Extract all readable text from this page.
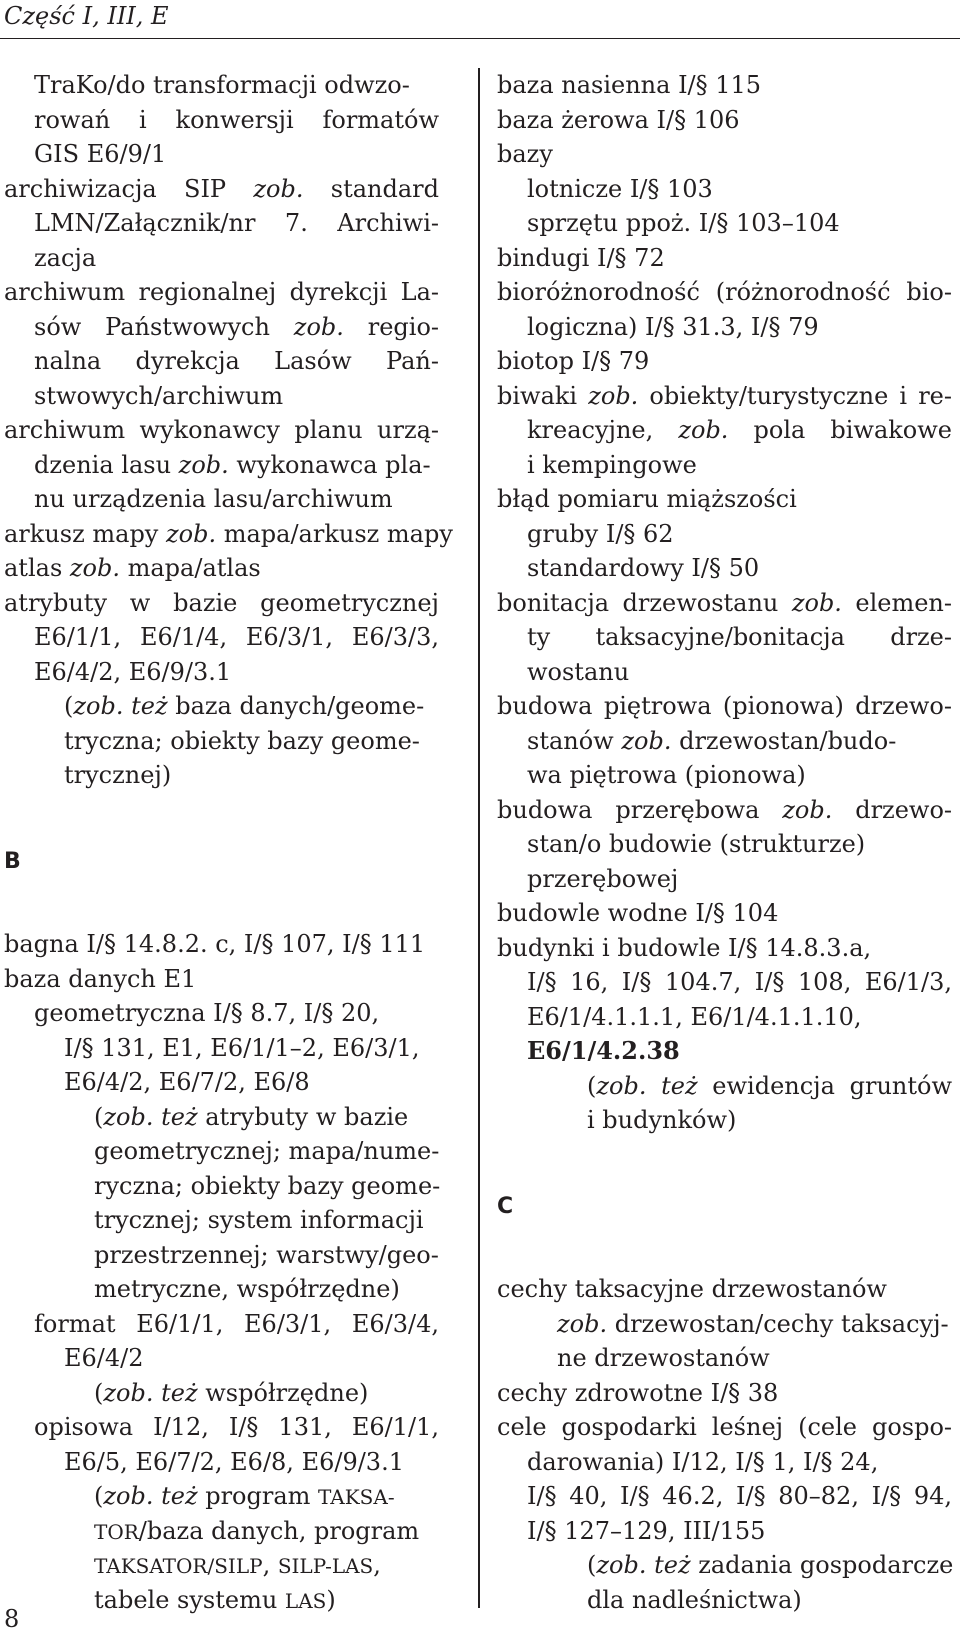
Część I, III, E
TraKo/do transformacji odwzo-
rowań i konwersji formatów
GIS E6/9/1
archiwizacja SIP zob. standard
LMN/Załącznik/nr 7. Archiwi-
zacja
archiwum regionalnej dyrekcji La-
sów Państwowych zob. regio-
nalna dyrekcja Lasów Pań-
stwowych/archiwum
archiwum wykonawcy planu urzą-
dzenia lasu zob. wykonawca pla-
nu urządzenia lasu/archiwum
arkusz mapy zob. mapa/arkusz mapy
atlas zob. mapa/atlas
atrybuty w bazie geometrycznej
E6/1/1, E6/1/4, E6/3/1, E6/3/3,
E6/4/2, E6/9/3.1
(zob. też baza danych/geome-
tryczna; obiekty bazy geome-
trycznej)
B
bagna I/§ 14.8.2. c, I/§ 107, I/§ 111
baza danych E1
geometryczna I/§ 8.7, I/§ 20,
I/§ 131, E1, E6/1/1–2, E6/3/1,
E6/4/2, E6/7/2, E6/8
(zob. też atrybuty w bazie
geometrycznej; mapa/nume-
ryczna; obiekty bazy geome-
trycznej; system informacji
przestrzennej; warstwy/geo-
metryczne, współrzędne)
format E6/1/1, E6/3/1, E6/3/4,
E6/4/2
(zob. też współrzędne)
opisowa I/12, I/§ 131, E6/1/1,
E6/5, E6/7/2, E6/8, E6/9/3.1
(zob. też program TAKSA-
TOR/baza danych, program
TAKSATOR/SILP, SILP-LAS,
tabele systemu LAS)
baza nasienna I/§ 115
baza żerowa I/§ 106
bazy
lotnicze I/§ 103
sprzętu ppoż. I/§ 103–104
bindugi I/§ 72
bioróżnorodność (różnorodność bio-
logiczna) I/§ 31.3, I/§ 79
biotop I/§ 79
biwaki zob. obiekty/turystyczne i re-
kreacyjne, zob. pola biwakowe
i kempingowe
błąd pomiaru miąższości
gruby I/§ 62
standardowy I/§ 50
bonitacja drzewostanu zob. elemen-
ty taksacyjne/bonitacja drze-
wostanu
budowa piętrowa (pionowa) drzewo-
stanów zob. drzewostan/budo-
wa piętrowa (pionowa)
budowa przerębowa zob. drzewo-
stan/o budowie (strukturze)
przerębowej
budowle wodne I/§ 104
budynki i budowle I/§ 14.8.3.a,
I/§ 16, I/§ 104.7, I/§ 108, E6/1/3,
E6/1/4.1.1.1, E6/1/4.1.1.10,
E6/1/4.2.38
(zob. też ewidencja gruntów
i budynków)
C
cechy taksacyjne drzewostanów
zob. drzewostan/cechy taksacyj-
ne drzewostanów
cechy zdrowotne I/§ 38
cele gospodarki leśnej (cele gospo-
darowania) I/12, I/§ 1, I/§ 24,
I/§ 40, I/§ 46.2, I/§ 80–82, I/§ 94,
I/§ 127–129, III/155
(zob. też zadania gospodarcze
dla nadleśnictwa)
8
